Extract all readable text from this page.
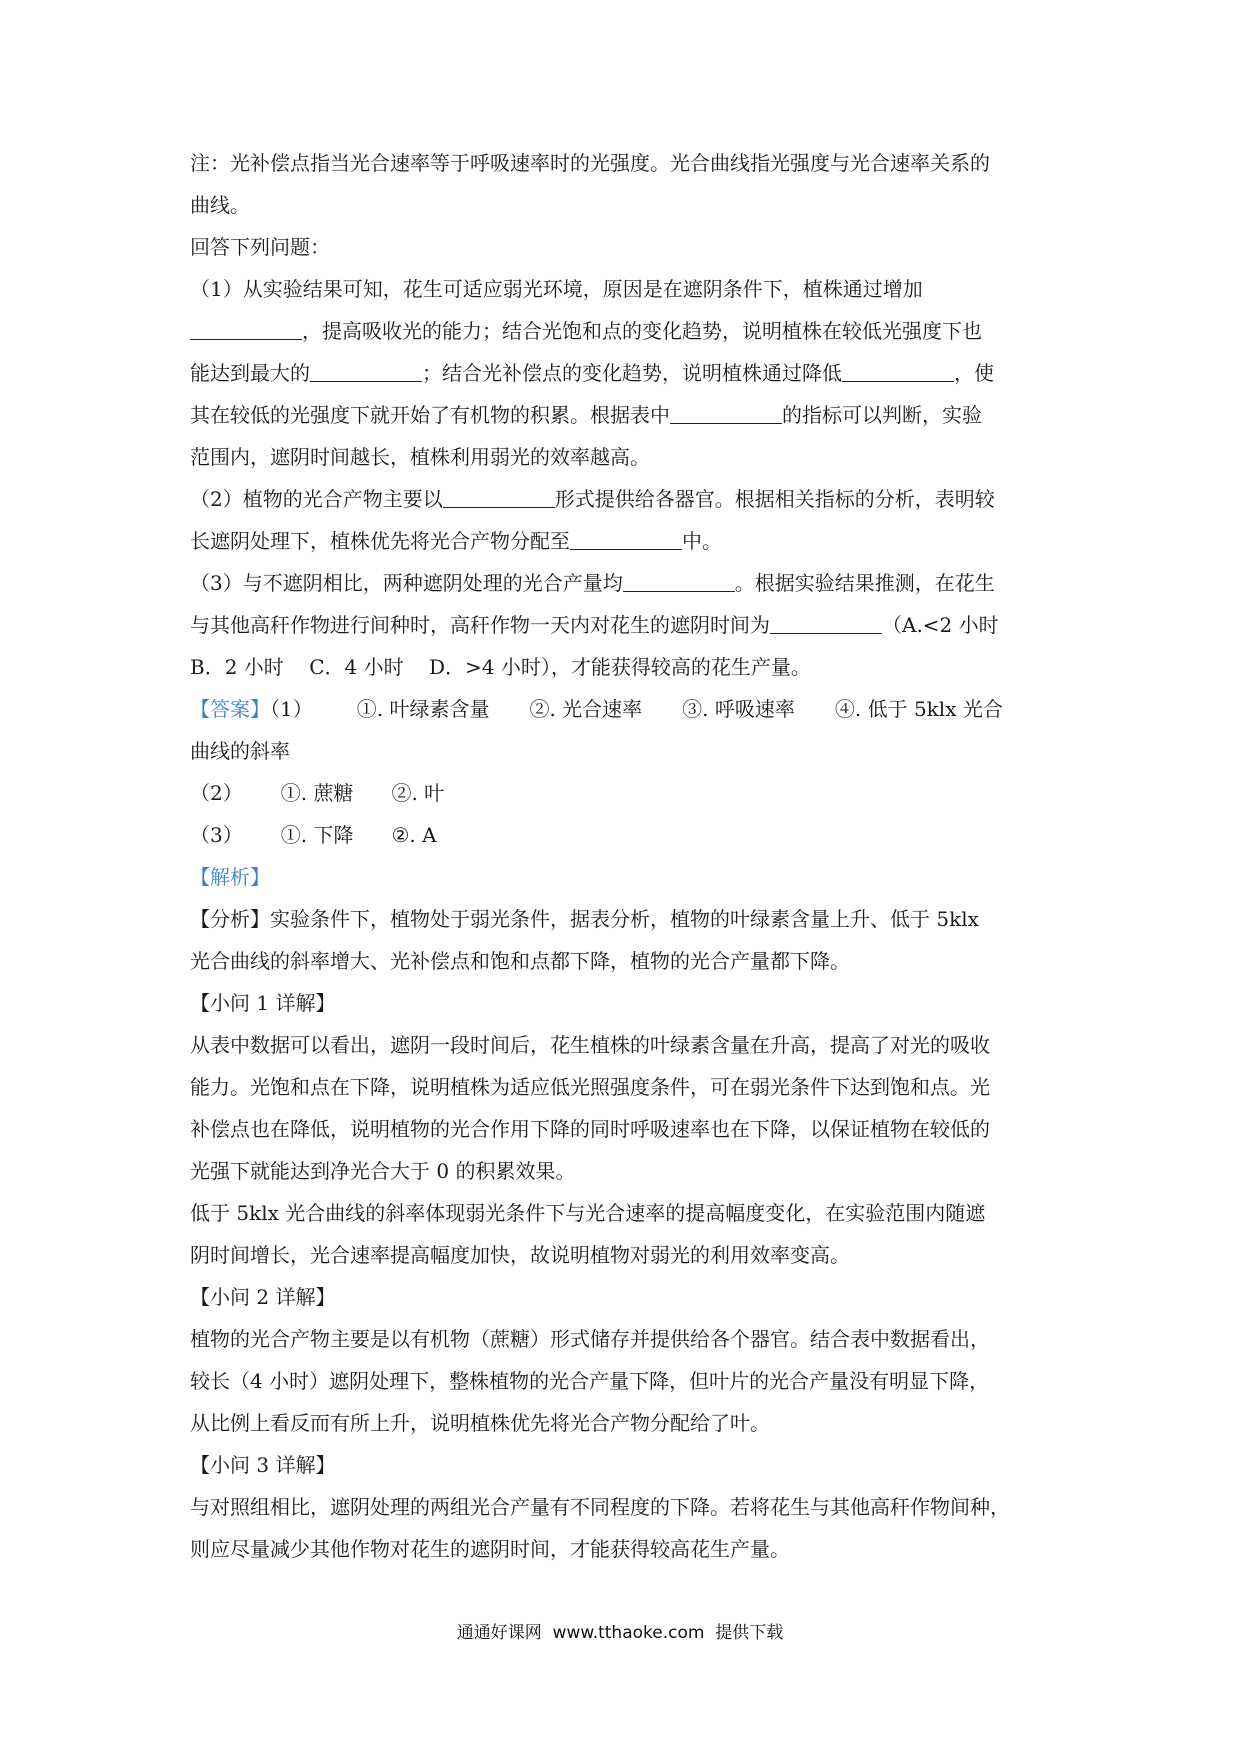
注：光补偿点指当光合速率等于呼吸速率时的光强度。光合曲线指光强度与光合速率关系的
曲线。
回答下列问题：
（1）从实验结果可知，花生可适应弱光环境，原因是在遮阴条件下，植株通过增加
，提高吸收光的能力；结合光饱和点的变化趋势，说明植株在较低光强度下也
能达到最大的	；结合光补偿点的变化趋势，说明植株通过降低	，使
其在较低的光强度下就开始了有机物的积累。根据表中	的指标可以判断，实验
范围内，遮阴时间越长，植株利用弱光的效率越高。
（2）植物的光合产物主要以	形式提供给各器官。根据相关指标的分析，表明较
长遮阴处理下，植株优先将光合产物分配至	中。
（3）与不遮阴相比，两种遮阴处理的光合产量均	。根据实验结果推测，在花生
与其他高秆作物进行间种时，高秆作物一天内对花生的遮阴时间为	（A.<2 小时
B．2 小时    C．4 小时    D．>4 小时），才能获得较高的花生产量。
【答案】（1） ①. 叶绿素含量 ②. 光合速率 ③. 呼吸速率 ④. 低于 5klx 光合
曲线的斜率
（2） ①. 蔗糖 ②. 叶
（3） ①. 下降 ②. A
【解析】
【分析】实验条件下，植物处于弱光条件，据表分析，植物的叶绿素含量上升、低于 5klx
光合曲线的斜率增大、光补偿点和饱和点都下降，植物的光合产量都下降。
【小问 1 详解】
从表中数据可以看出，遮阴一段时间后，花生植株的叶绿素含量在升高，提高了对光的吸收
能力。光饱和点在下降，说明植株为适应低光照强度条件，可在弱光条件下达到饱和点。光
补偿点也在降低，说明植物的光合作用下降的同时呼吸速率也在下降，以保证植物在较低的
光强下就能达到净光合大于 0 的积累效果。
低于 5klx 光合曲线的斜率体现弱光条件下与光合速率的提高幅度变化，在实验范围内随遮
阴时间增长，光合速率提高幅度加快，故说明植物对弱光的利用效率变高。
【小问 2 详解】
植物的光合产物主要是以有机物（蔗糖）形式储存并提供给各个器官。结合表中数据看出，
较长（4 小时）遮阴处理下，整株植物的光合产量下降，但叶片的光合产量没有明显下降，
从比例上看反而有所上升，说明植株优先将光合产物分配给了叶。
【小问 3 详解】
与对照组相比，遮阴处理的两组光合产量有不同程度的下降。若将花生与其他高秆作物间种，
则应尽量减少其他作物对花生的遮阴时间，才能获得较高花生产量。
通通好课网  www.tthaoke.com  提供下载
